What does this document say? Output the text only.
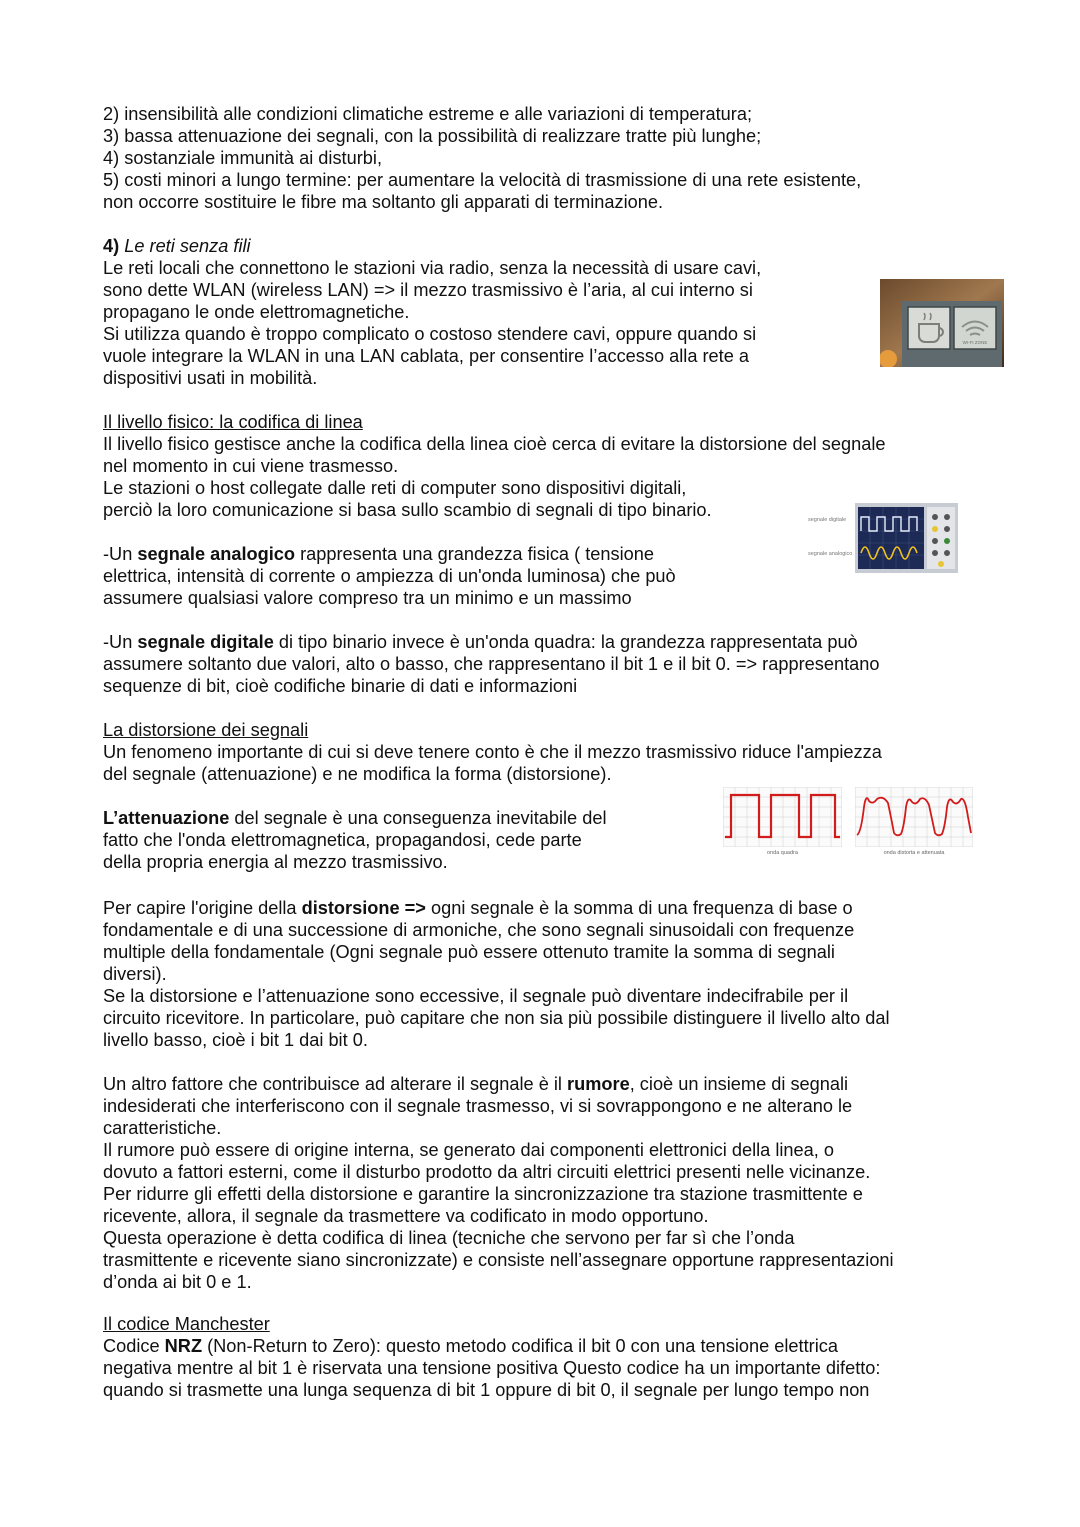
2) insensibilità alle condizioni climatiche estreme e alle variazioni di temperatura;

3) bassa attenuazione dei segnali, con la possibilità di realizzare tratte più lunghe;

4) sostanziale immunità ai disturbi,

5) costi minori a lungo termine: per aumentare la velocità di trasmissione di una rete esistente,

non occorre sostituire le fibre ma soltanto gli apparati di terminazione.

4) Le reti senza fili

Le reti locali che connettono le stazioni via radio, senza la necessità di usare cavi,

sono dette WLAN (wireless LAN) => il mezzo trasmissivo è l’aria, al cui interno si

propagano le onde elettromagnetiche.

Si utilizza quando è troppo complicato o costoso stendere cavi, oppure quando si

vuole integrare la WLAN in una LAN cablata, per consentire l’accesso alla rete a

dispositivi usati in mobilità.

WI-FI ZONE

Il livello fisico: la codifica di linea

Il livello fisico gestisce anche la codifica della linea cioè cerca di evitare la distorsione del segnale

nel momento in cui viene trasmesso.

Le stazioni o host collegate dalle reti di computer sono dispositivi digitali,

perciò la loro comunicazione si basa sullo scambio di segnali di tipo binario.

-Un segnale analogico rappresenta una grandezza fisica ( tensione

elettrica, intensità di corrente o ampiezza di un'onda luminosa) che può

assumere qualsiasi valore compreso tra un minimo e un massimo

segnale digitale
segnale analogico

-Un segnale digitale di tipo binario invece è un'onda quadra: la grandezza rappresentata può

assumere soltanto due valori, alto o basso, che rappresentano il bit 1 e il bit 0. => rappresentano

sequenze di bit, cioè codifiche binarie di dati e informazioni

La distorsione dei segnali

Un fenomeno importante di cui si deve tenere conto è che il mezzo trasmissivo riduce l'ampiezza

del segnale (attenuazione) e ne modifica la forma (distorsione).

L’attenuazione del segnale è una conseguenza inevitabile del

fatto che l'onda elettromagnetica, propagandosi, cede parte

della propria energia al mezzo trasmissivo.	onda quadra	onda distorta e attenuata

Per capire l'origine della distorsione => ogni segnale è la somma di una frequenza di base o

fondamentale e di una successione di armoniche, che sono segnali sinusoidali con frequenze

multiple della fondamentale (Ogni segnale può essere ottenuto tramite la somma di segnali

diversi).

Se la distorsione e l’attenuazione sono eccessive, il segnale può diventare indecifrabile per il

circuito ricevitore. In particolare, può capitare che non sia più possibile distinguere il livello alto dal

livello basso, cioè i bit 1 dai bit 0.

Un altro fattore che contribuisce ad alterare il segnale è il rumore, cioè un insieme di segnali

indesiderati che interferiscono con il segnale trasmesso, vi si sovrappongono e ne alterano le

caratteristiche.

Il rumore può essere di origine interna, se generato dai componenti elettronici della linea, o

dovuto a fattori esterni, come il disturbo prodotto da altri circuiti elettrici presenti nelle vicinanze.

Per ridurre gli effetti della distorsione e garantire la sincronizzazione tra stazione trasmittente e

ricevente, allora, il segnale da trasmettere va codificato in modo opportuno.

Questa operazione è detta codifica di linea (tecniche che servono per far sì che l’onda

trasmittente e ricevente siano sincronizzate) e consiste nell’assegnare opportune rappresentazioni

d’onda ai bit 0 e 1.

Il codice Manchester

Codice NRZ (Non-Return to Zero): questo metodo codifica il bit 0 con una tensione elettrica

negativa mentre al bit 1 è riservata una tensione positiva Questo codice ha un importante difetto:

quando si trasmette una lunga sequenza di bit 1 oppure di bit 0, il segnale per lungo tempo non
